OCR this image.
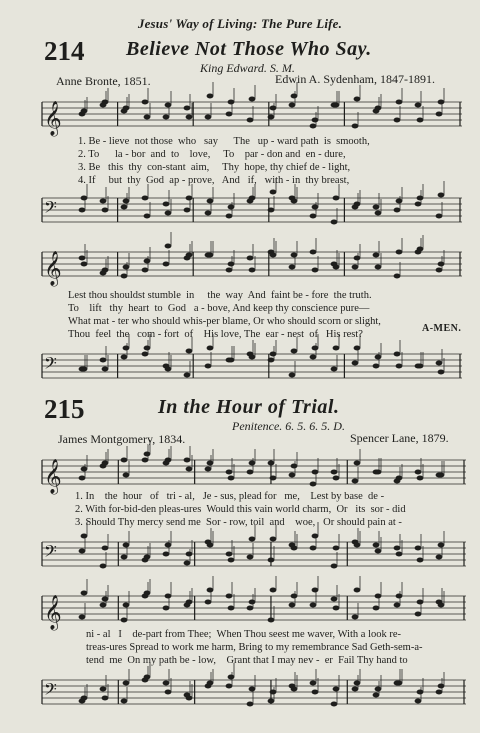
Jesus' Way of Living: The Pure Life.
214 Believe Not Those Who Say.
King Edward. S. M.
Anne Bronte, 1851.	Edwin A. Sydenham, 1847-1891.
𝄞
1. Be - lieve  not those  who   say      The   up - ward path  is  smooth,
2. To      la - bor  and  to    love,     To    par - don and  en - dure,
3. Be   this  thy  con-stant  aim,     Thy  hope, thy chief de - light,
4. If     but  thy  God  ap - prove,   And   if,   with - in  thy breast,
𝄢
𝄞
Lest thou shouldst stumble  in     the  way  And  faint be - fore  the truth.
To    lift   thy  heart  to  God   a - bove, And keep thy conscience pure—
What mat - ter who should whis-per blame, Or who should scorn or slight,
Thou  feel  the   com - fort  of    His love, The  ear - nest  of   His rest?
A-MEN.
𝄢
215	In the Hour of Trial.
Penitence. 6. 5. 6. 5. D.
James Montgomery, 1834.	Spencer Lane, 1879.
𝄞
1. In    the  hour   of   tri - al,   Je - sus, plead for   me,    Lest by base  de -
2. With for-bid-den pleas-ures  Would this vain world charm,  Or   its  sor - did
3. Should Thy mercy send me  Sor - row, toil  and    woe,   Or should pain at -
𝄢
𝄞
ni - al   I    de-part from Thee;  When Thou seest me waver, With a look re-
treas-ures Spread to work me harm, Bring to my remembrance Sad Geth-sem-a-
tend  me  On my path be - low,    Grant that I may nev -  er  Fail Thy hand to
𝄢
